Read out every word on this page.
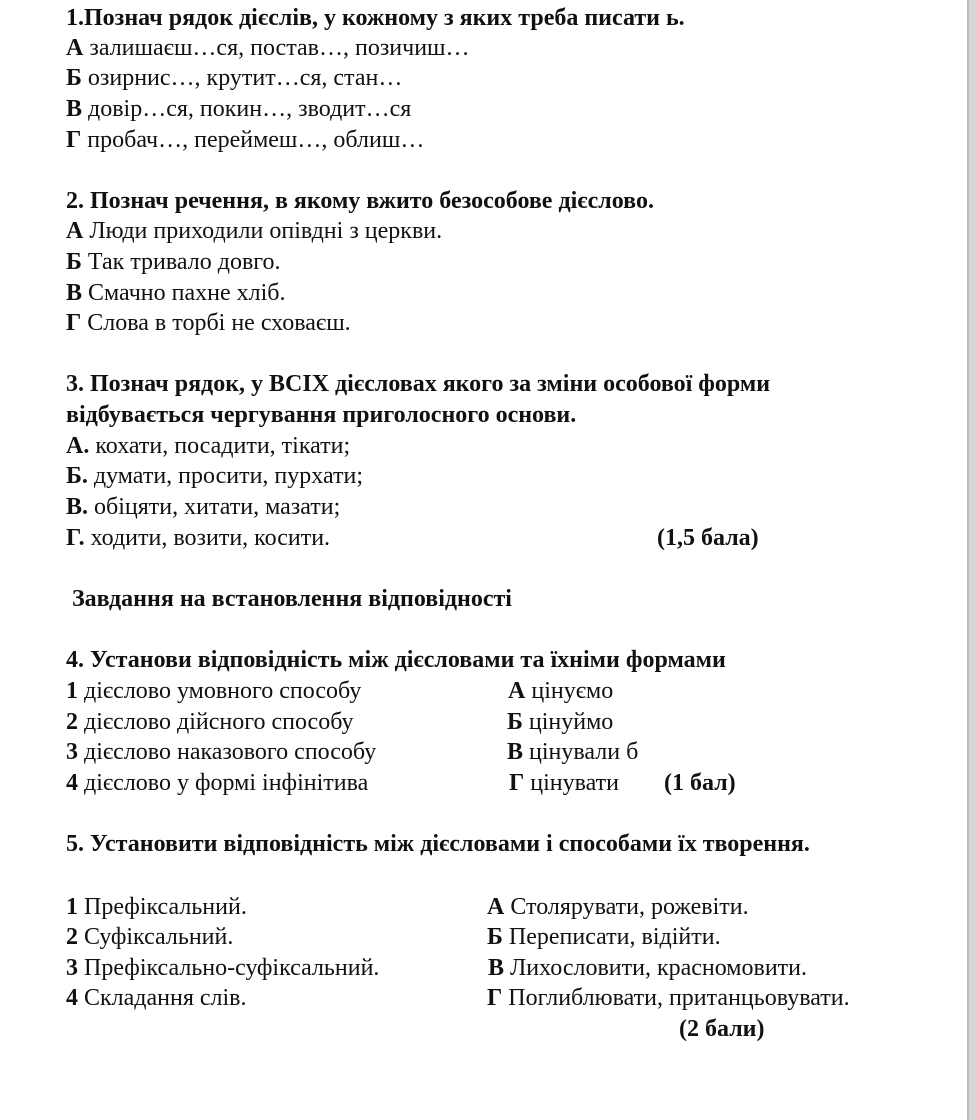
1.Познач рядок дієслів, у кожному з яких треба писати ь.
А залишаєш…ся, постав…, позичиш…
Б озирнис…, крутит…ся, стан…
В довір…ся, покин…, зводит…ся
Г пробач…, переймеш…, облиш…
2. Познач речення, в якому вжито безособове дієслово.
А Люди приходили опівдні з церкви.
Б Так тривало довго.
В Смачно пахне хліб.
Г Слова в торбі не сховаєш.
3. Познач рядок, у ВСІХ дієсловах якого за зміни особової форми
відбувається чергування приголосного основи.
А. кохати, посадити, тікати;
Б. думати, просити, пурхати;
В. обіцяти, хитати, мазати;
Г. ходити, возити, косити.	(1,5 бала)
Завдання на встановлення відповідності
4. Установи відповідність між дієсловами та їхніми формами
1 дієслово умовного способу
2 дієслово дійсного способу
3 дієслово наказового способу
4 дієслово у формі інфінітива
А цінуємо
Б цінуймо
В цінували б
Г цінувати (1 бал)
5. Установити відповідність між дієсловами і способами їх творення.
1 Префіксальний.
2 Суфіксальний.
3 Префіксально-суфіксальний.
4 Складання слів.
А Столярувати, рожевіти.
Б Переписати, відійти.
В Лихословити, красномовити.
Г Поглиблювати, пританцьовувати.
(2 бали)
